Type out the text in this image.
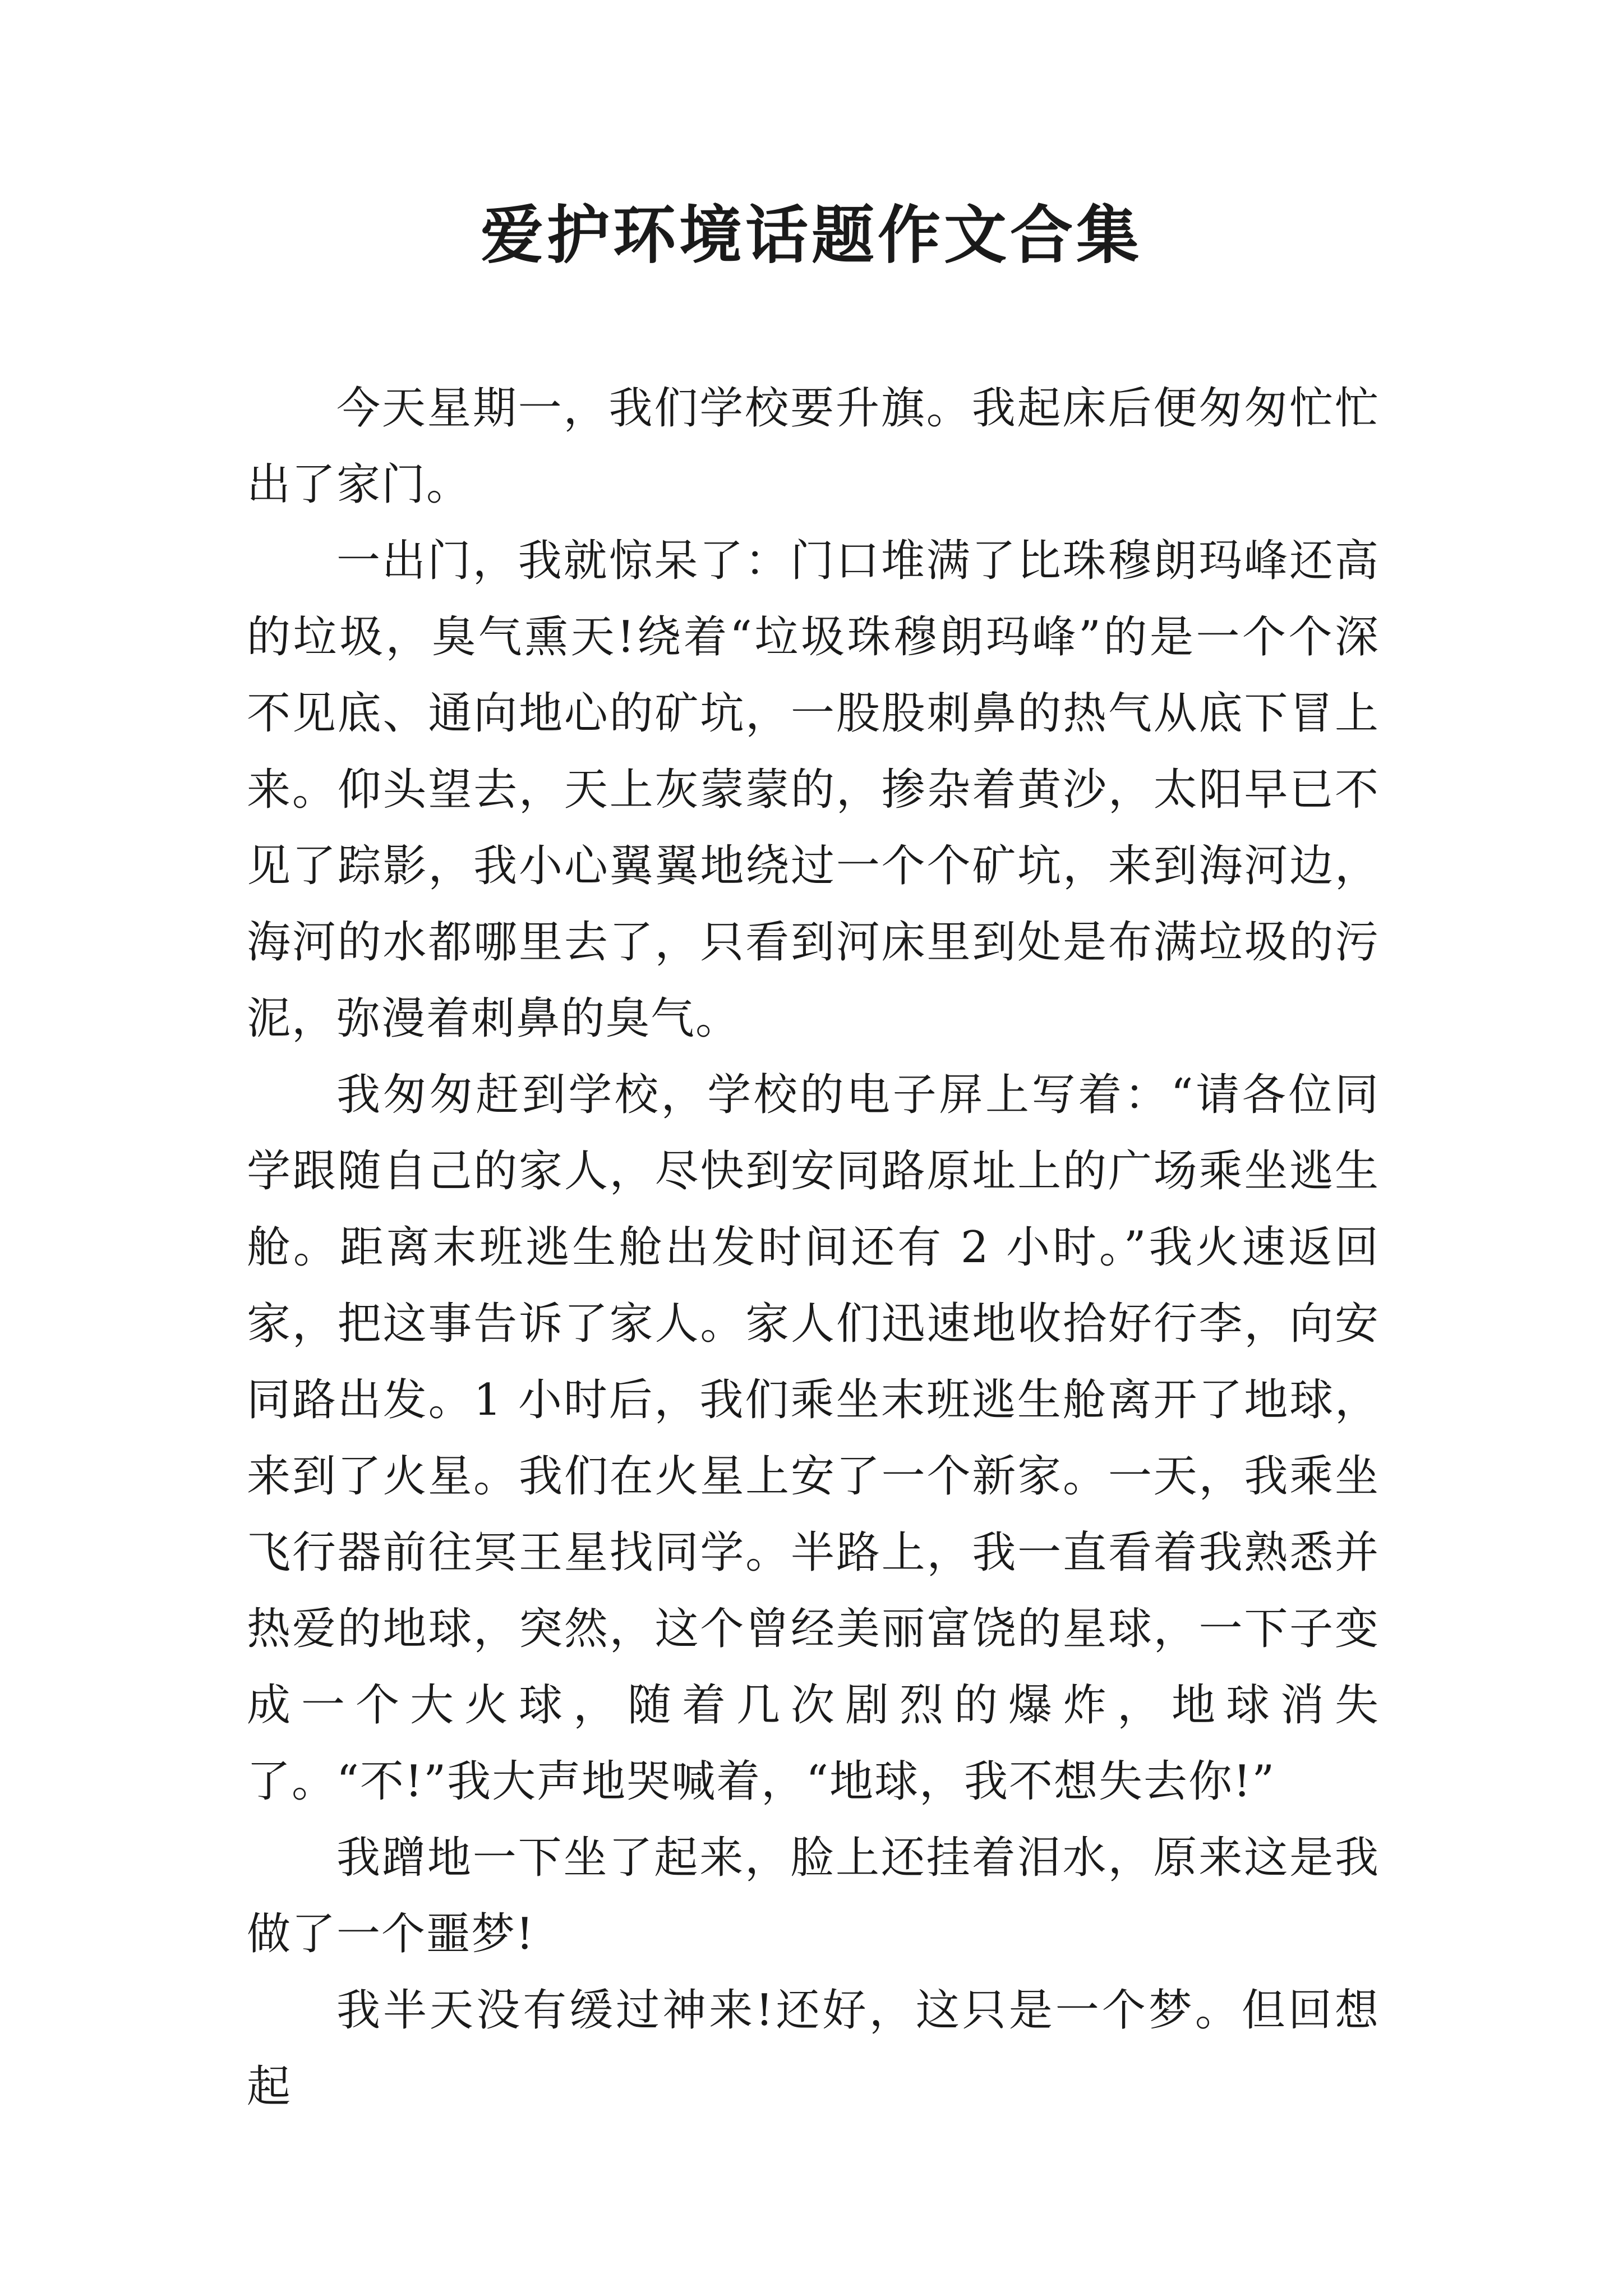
爱护环境话题作文合集

今天星期一，我们学校要升旗。我起床后便匆匆忙忙出了家门。

一出门，我就惊呆了：门口堆满了比珠穆朗玛峰还高的垃圾，臭气熏天!绕着“垃圾珠穆朗玛峰”的是一个个深不见底、通向地心的矿坑，一股股刺鼻的热气从底下冒上来。仰头望去，天上灰蒙蒙的，掺杂着黄沙，太阳早已不见了踪影，我小心翼翼地绕过一个个矿坑，来到海河边，海河的水都哪里去了，只看到河床里到处是布满垃圾的污泥，弥漫着刺鼻的臭气。

我匆匆赶到学校，学校的电子屏上写着：“请各位同学跟随自己的家人，尽快到安同路原址上的广场乘坐逃生舱。距离末班逃生舱出发时间还有 2 小时。”我火速返回家，把这事告诉了家人。家人们迅速地收拾好行李，向安同路出发。1 小时后，我们乘坐末班逃生舱离开了地球，来到了火星。我们在火星上安了一个新家。一天，我乘坐飞行器前往冥王星找同学。半路上，我一直看着我熟悉并热爱的地球，突然，这个曾经美丽富饶的星球，一下子变成一个大火球，随着几次剧烈的爆炸，地球消失了。“不!”我大声地哭喊着，“地球，我不想失去你!”

我蹭地一下坐了起来，脸上还挂着泪水，原来这是我做了一个噩梦!

我半天没有缓过神来!还好，这只是一个梦。但回想起
